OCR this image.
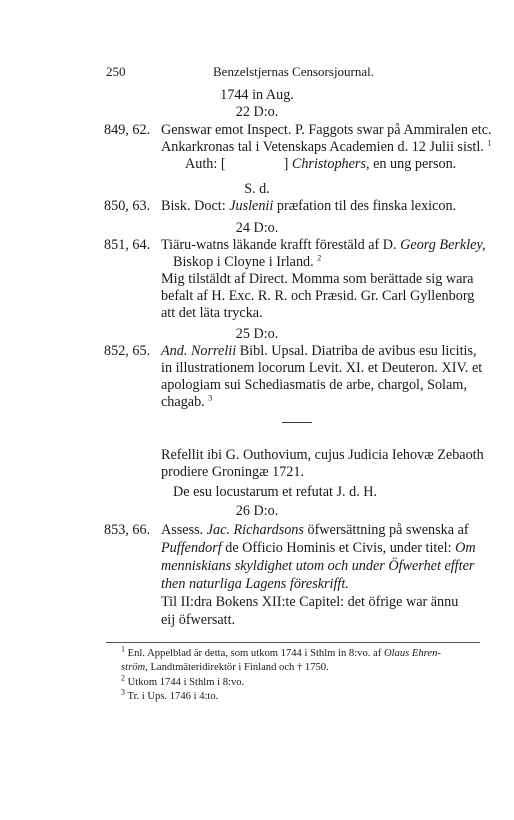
250	Benzelstjernas Censorsjournal.
1744 in Aug.
22 D:o.
849, 62. Genswar emot Inspect. P. Faggots swar på Ammiralen etc.
Ankarkronas tal i Vetenskaps Academien d. 12 Julii sistl. $^1$
Auth: [	] Christophers, en ung person.
S. d.
850, 63. Bisk. Doct: Juslenii præfation til des finska lexicon.
24 D:o.
851, 64. Tiäru-watns läkande krafft förestäld af D. Georg Berkley,
Biskop i Cloyne i Irland. $^2$
Mig tilstäldt af Direct. Momma som berättade sig wara
befalt af H. Exc. R. R. och Præsid. Gr. Carl Gyllenborg
att det läta trycka.
25 D:o.
852, 65. And. Norrelii Bibl. Upsal. Diatriba de avibus esu licitis,
in illustrationem locorum Levit. XI. et Deuteron. XIV. et
apologiam sui Schediasmatis de arbe, chargol, Solam,
chagab. $^3$
Refellit ibi G. Outhovium, cujus Judicia Iehovæ Zebaoth
prodiere Groningæ 1721.
De esu locustarum et refutat J. d. H.
26 D:o.
853, 66. Assess. Jac. Richardsons öfwersättning på swenska af
Puffendorf de Officio Hominis et Civis, under titel: Om
menniskians skyldighet utom och under Öfwerhet effter
then naturliga Lagens föreskrifft.
Til II:dra Bokens XII:te Capitel: det öfrige war ännu
eij öfwersatt.
$^1$ Enl. Appelblad är detta, som utkom 1744 i Sthlm in 8:vo. af Olaus Ehren-
ström, Landtmäteridirektör i Finland och † 1750.
$^2$ Utkom 1744 i Sthlm i 8:vo.
$^3$ Tr. i Ups. 1746 i 4:to.
